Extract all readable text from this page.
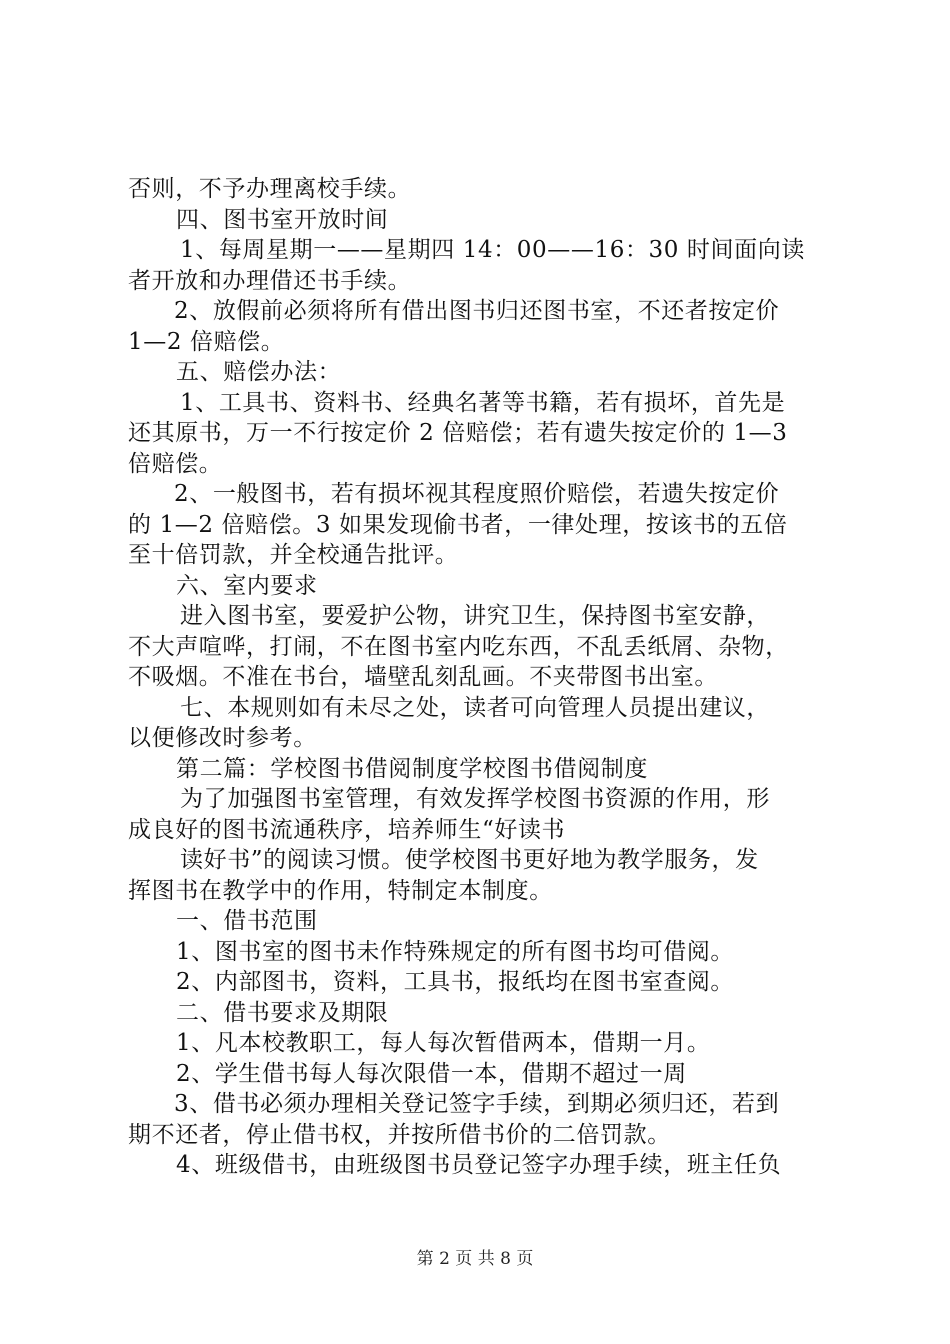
否则，不予办理离校手续。
四、图书室开放时间
1、每周星期一——星期四 14：00——16：30 时间面向读
者开放和办理借还书手续。
2、放假前必须将所有借出图书归还图书室，不还者按定价
1—2 倍赔偿。
五、赔偿办法：
1、工具书、资料书、经典名著等书籍，若有损坏，首先是
还其原书，万一不行按定价 2 倍赔偿；若有遗失按定价的 1—3
倍赔偿。
2、一般图书，若有损坏视其程度照价赔偿，若遗失按定价
的 1—2 倍赔偿。3 如果发现偷书者，一律处理，按该书的五倍
至十倍罚款，并全校通告批评。
六、室内要求
进入图书室，要爱护公物，讲究卫生，保持图书室安静，
不大声喧哗，打闹，不在图书室内吃东西，不乱丢纸屑、杂物，
不吸烟。不准在书台，墙壁乱刻乱画。不夹带图书出室。
七、本规则如有未尽之处，读者可向管理人员提出建议，
以便修改时参考。
第二篇：学校图书借阅制度学校图书借阅制度
为了加强图书室管理，有效发挥学校图书资源的作用，形
成良好的图书流通秩序，培养师生“好读书
读好书”的阅读习惯。使学校图书更好地为教学服务，发
挥图书在教学中的作用，特制定本制度。
一、借书范围
1、图书室的图书未作特殊规定的所有图书均可借阅。
2、内部图书，资料，工具书，报纸均在图书室查阅。
二、借书要求及期限
1、凡本校教职工，每人每次暂借两本，借期一月。
2、学生借书每人每次限借一本，借期不超过一周
3、借书必须办理相关登记签字手续，到期必须归还，若到
期不还者，停止借书权，并按所借书价的二倍罚款。
4、班级借书，由班级图书员登记签字办理手续，班主任负
第 2 页 共 8 页
